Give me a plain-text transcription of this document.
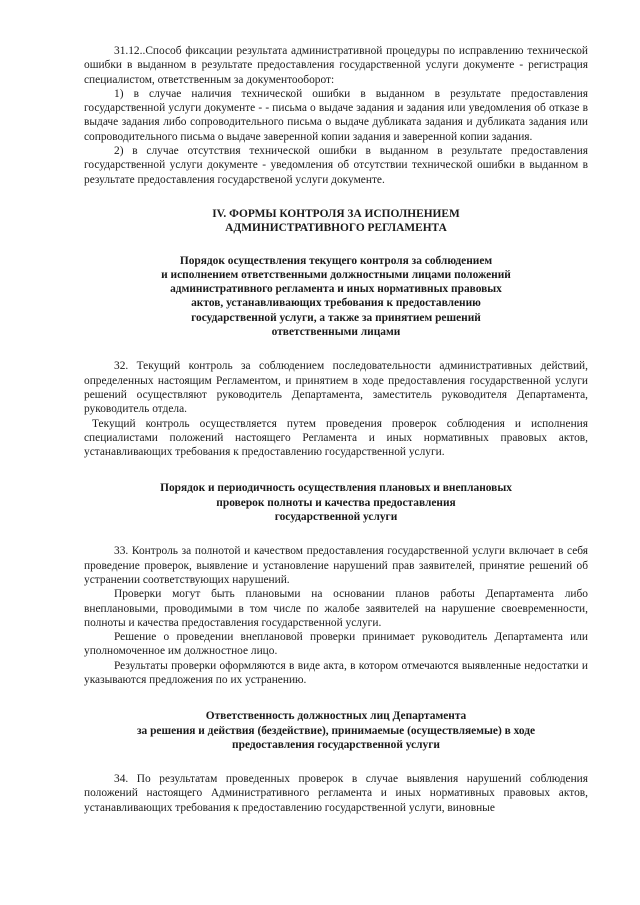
31.12..Способ фиксации результата административной процедуры по исправлению технической ошибки в выданном в результате предоставления государственной услуги документе - регистрация специалистом, ответственным за документооборот:

1) в случае наличия технической ошибки в выданном в результате предоставления государственной услуги документе - - письма о выдаче задания и задания или уведомления об отказе в выдаче задания либо сопроводительного письма о выдаче дубликата задания и дубликата задания или сопроводительного письма о выдаче заверенной копии задания и заверенной копии задания.

2) в случае отсутствия технической ошибки в выданном в результате предоставления государственной услуги документе - уведомления об отсутствии технической ошибки в выданном в результате предоставления государственой услуги документе.

IV. ФОРМЫ КОНТРОЛЯ ЗА ИСПОЛНЕНИЕМ
АДМИНИСТРАТИВНОГО РЕГЛАМЕНТА
Порядок осуществления текущего контроля за соблюдением
и исполнением ответственными должностными лицами положений
административного регламента и иных нормативных правовых
актов, устанавливающих требования к предоставлению
государственной услуги, а также за принятием решений
ответственными лицами

32. Текущий контроль за соблюдением последовательности административных действий, определенных настоящим Регламентом, и принятием в ходе предоставления государственной услуги решений осуществляют руководитель Департамента, заместитель руководителя Департамента, руководитель отдела.

Текущий контроль осуществляется путем проведения проверок соблюдения и исполнения специалистами положений настоящего Регламента и иных нормативных правовых актов, устанавливающих требования к предоставлению государственной услуги.

Порядок и периодичность осуществления плановых и внеплановых
проверок полноты и качества предоставления
государственной услуги

33. Контроль за полнотой и качеством предоставления государственной услуги включает в себя проведение проверок, выявление и установление нарушений прав заявителей, принятие решений об устранении соответствующих нарушений.

Проверки могут быть плановыми на основании планов работы Департамента либо внеплановыми, проводимыми в том числе по жалобе заявителей на нарушение своевременности, полноты и качества предоставления государственной услуги.

Решение о проведении внеплановой проверки принимает руководитель Департамента или уполномоченное им должностное лицо.

Результаты проверки оформляются в виде акта, в котором отмечаются выявленные недостатки и указываются предложения по их устранению.

Ответственность должностных лиц Департамента
за решения и действия (бездействие), принимаемые (осуществляемые) в ходе
предоставления государственной услуги

34. По результатам проведенных проверок в случае выявления нарушений соблюдения положений настоящего Административного регламента и иных нормативных правовых актов, устанавливающих требования к предоставлению государственной услуги, виновные
